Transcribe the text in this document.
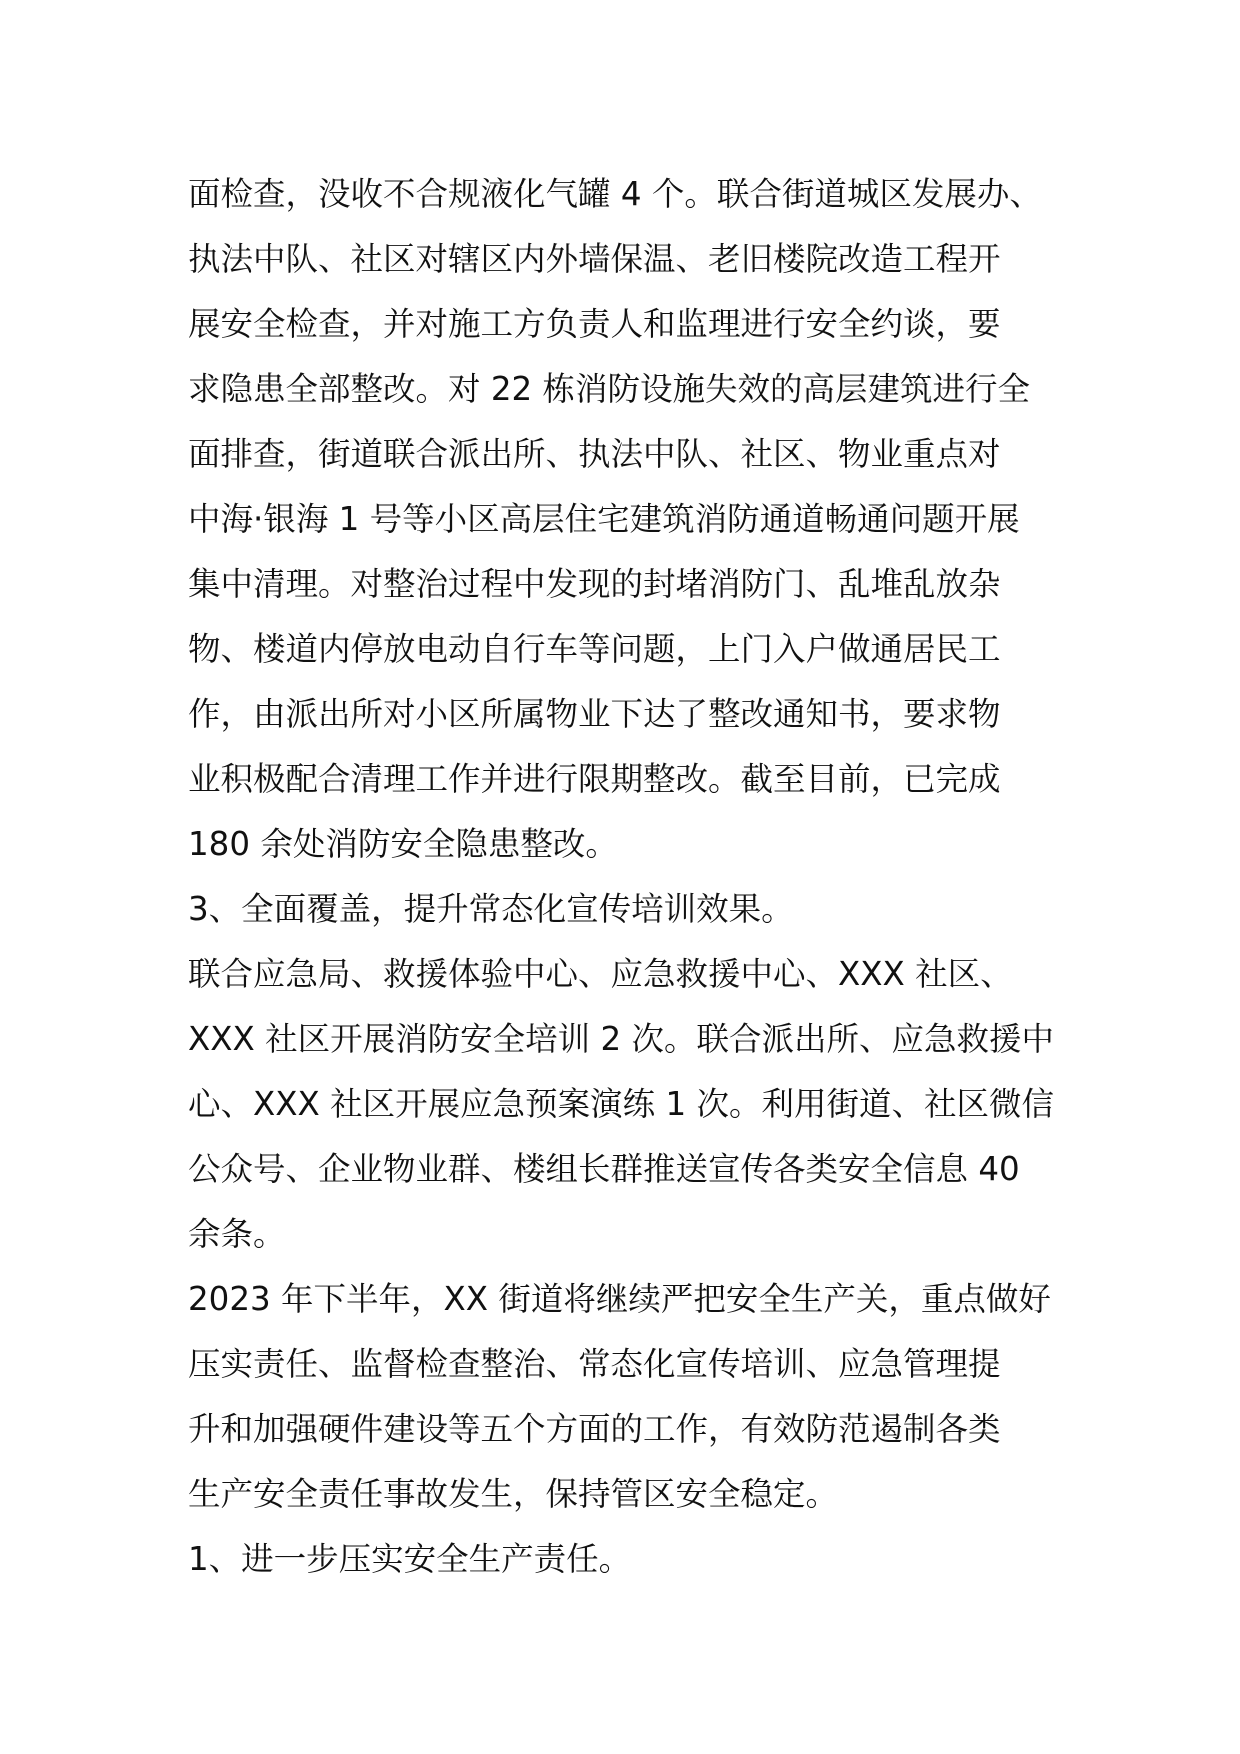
面检查，没收不合规液化气罐 4 个。联合街道城区发展办、
执法中队、社区对辖区内外墙保温、老旧楼院改造工程开
展安全检查，并对施工方负责人和监理进行安全约谈，要
求隐患全部整改。对 22 栋消防设施失效的高层建筑进行全
面排查，街道联合派出所、执法中队、社区、物业重点对
中海·银海 1 号等小区高层住宅建筑消防通道畅通问题开展
集中清理。对整治过程中发现的封堵消防门、乱堆乱放杂
物、楼道内停放电动自行车等问题，上门入户做通居民工
作，由派出所对小区所属物业下达了整改通知书，要求物
业积极配合清理工作并进行限期整改。截至目前，已完成
180 余处消防安全隐患整改。
3、全面覆盖，提升常态化宣传培训效果。
联合应急局、救援体验中心、应急救援中心、XXX 社区、
XXX 社区开展消防安全培训 2 次。联合派出所、应急救援中
心、XXX 社区开展应急预案演练 1 次。利用街道、社区微信
公众号、企业物业群、楼组长群推送宣传各类安全信息 40
余条。
2023 年下半年，XX 街道将继续严把安全生产关，重点做好
压实责任、监督检查整治、常态化宣传培训、应急管理提
升和加强硬件建设等五个方面的工作，有效防范遏制各类
生产安全责任事故发生，保持管区安全稳定。
1、进一步压实安全生产责任。
